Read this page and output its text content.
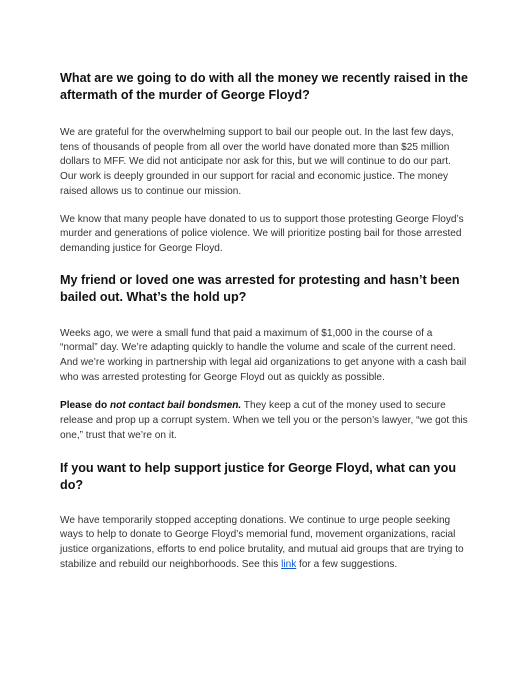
What are we going to do with all the money we recently raised in the aftermath of the murder of George Floyd?

We are grateful for the overwhelming support to bail our people out. In the last few days, tens of thousands of people from all over the world have donated more than $25 million dollars to MFF. We did not anticipate nor ask for this, but we will continue to do our part. Our work is deeply grounded in our support for racial and economic justice. The money raised allows us to continue our mission.

We know that many people have donated to us to support those protesting George Floyd’s murder and generations of police violence. We will prioritize posting bail for those arrested demanding justice for George Floyd.

My friend or loved one was arrested for protesting and hasn’t been bailed out. What’s the hold up?

Weeks ago, we were a small fund that paid a maximum of $1,000 in the course of a “normal” day. We’re adapting quickly to handle the volume and scale of the current need. And we’re working in partnership with legal aid organizations to get anyone with a cash bail who was arrested protesting for George Floyd out as quickly as possible.

Please do not contact bail bondsmen. They keep a cut of the money used to secure release and prop up a corrupt system. When we tell you or the person’s lawyer, “we got this one,” trust that we’re on it.

If you want to help support justice for George Floyd, what can you do?

We have temporarily stopped accepting donations. We continue to urge people seeking ways to help to donate to George Floyd’s memorial fund, movement organizations, racial justice organizations, efforts to end police brutality, and mutual aid groups that are trying to stabilize and rebuild our neighborhoods. See this link for a few suggestions.
